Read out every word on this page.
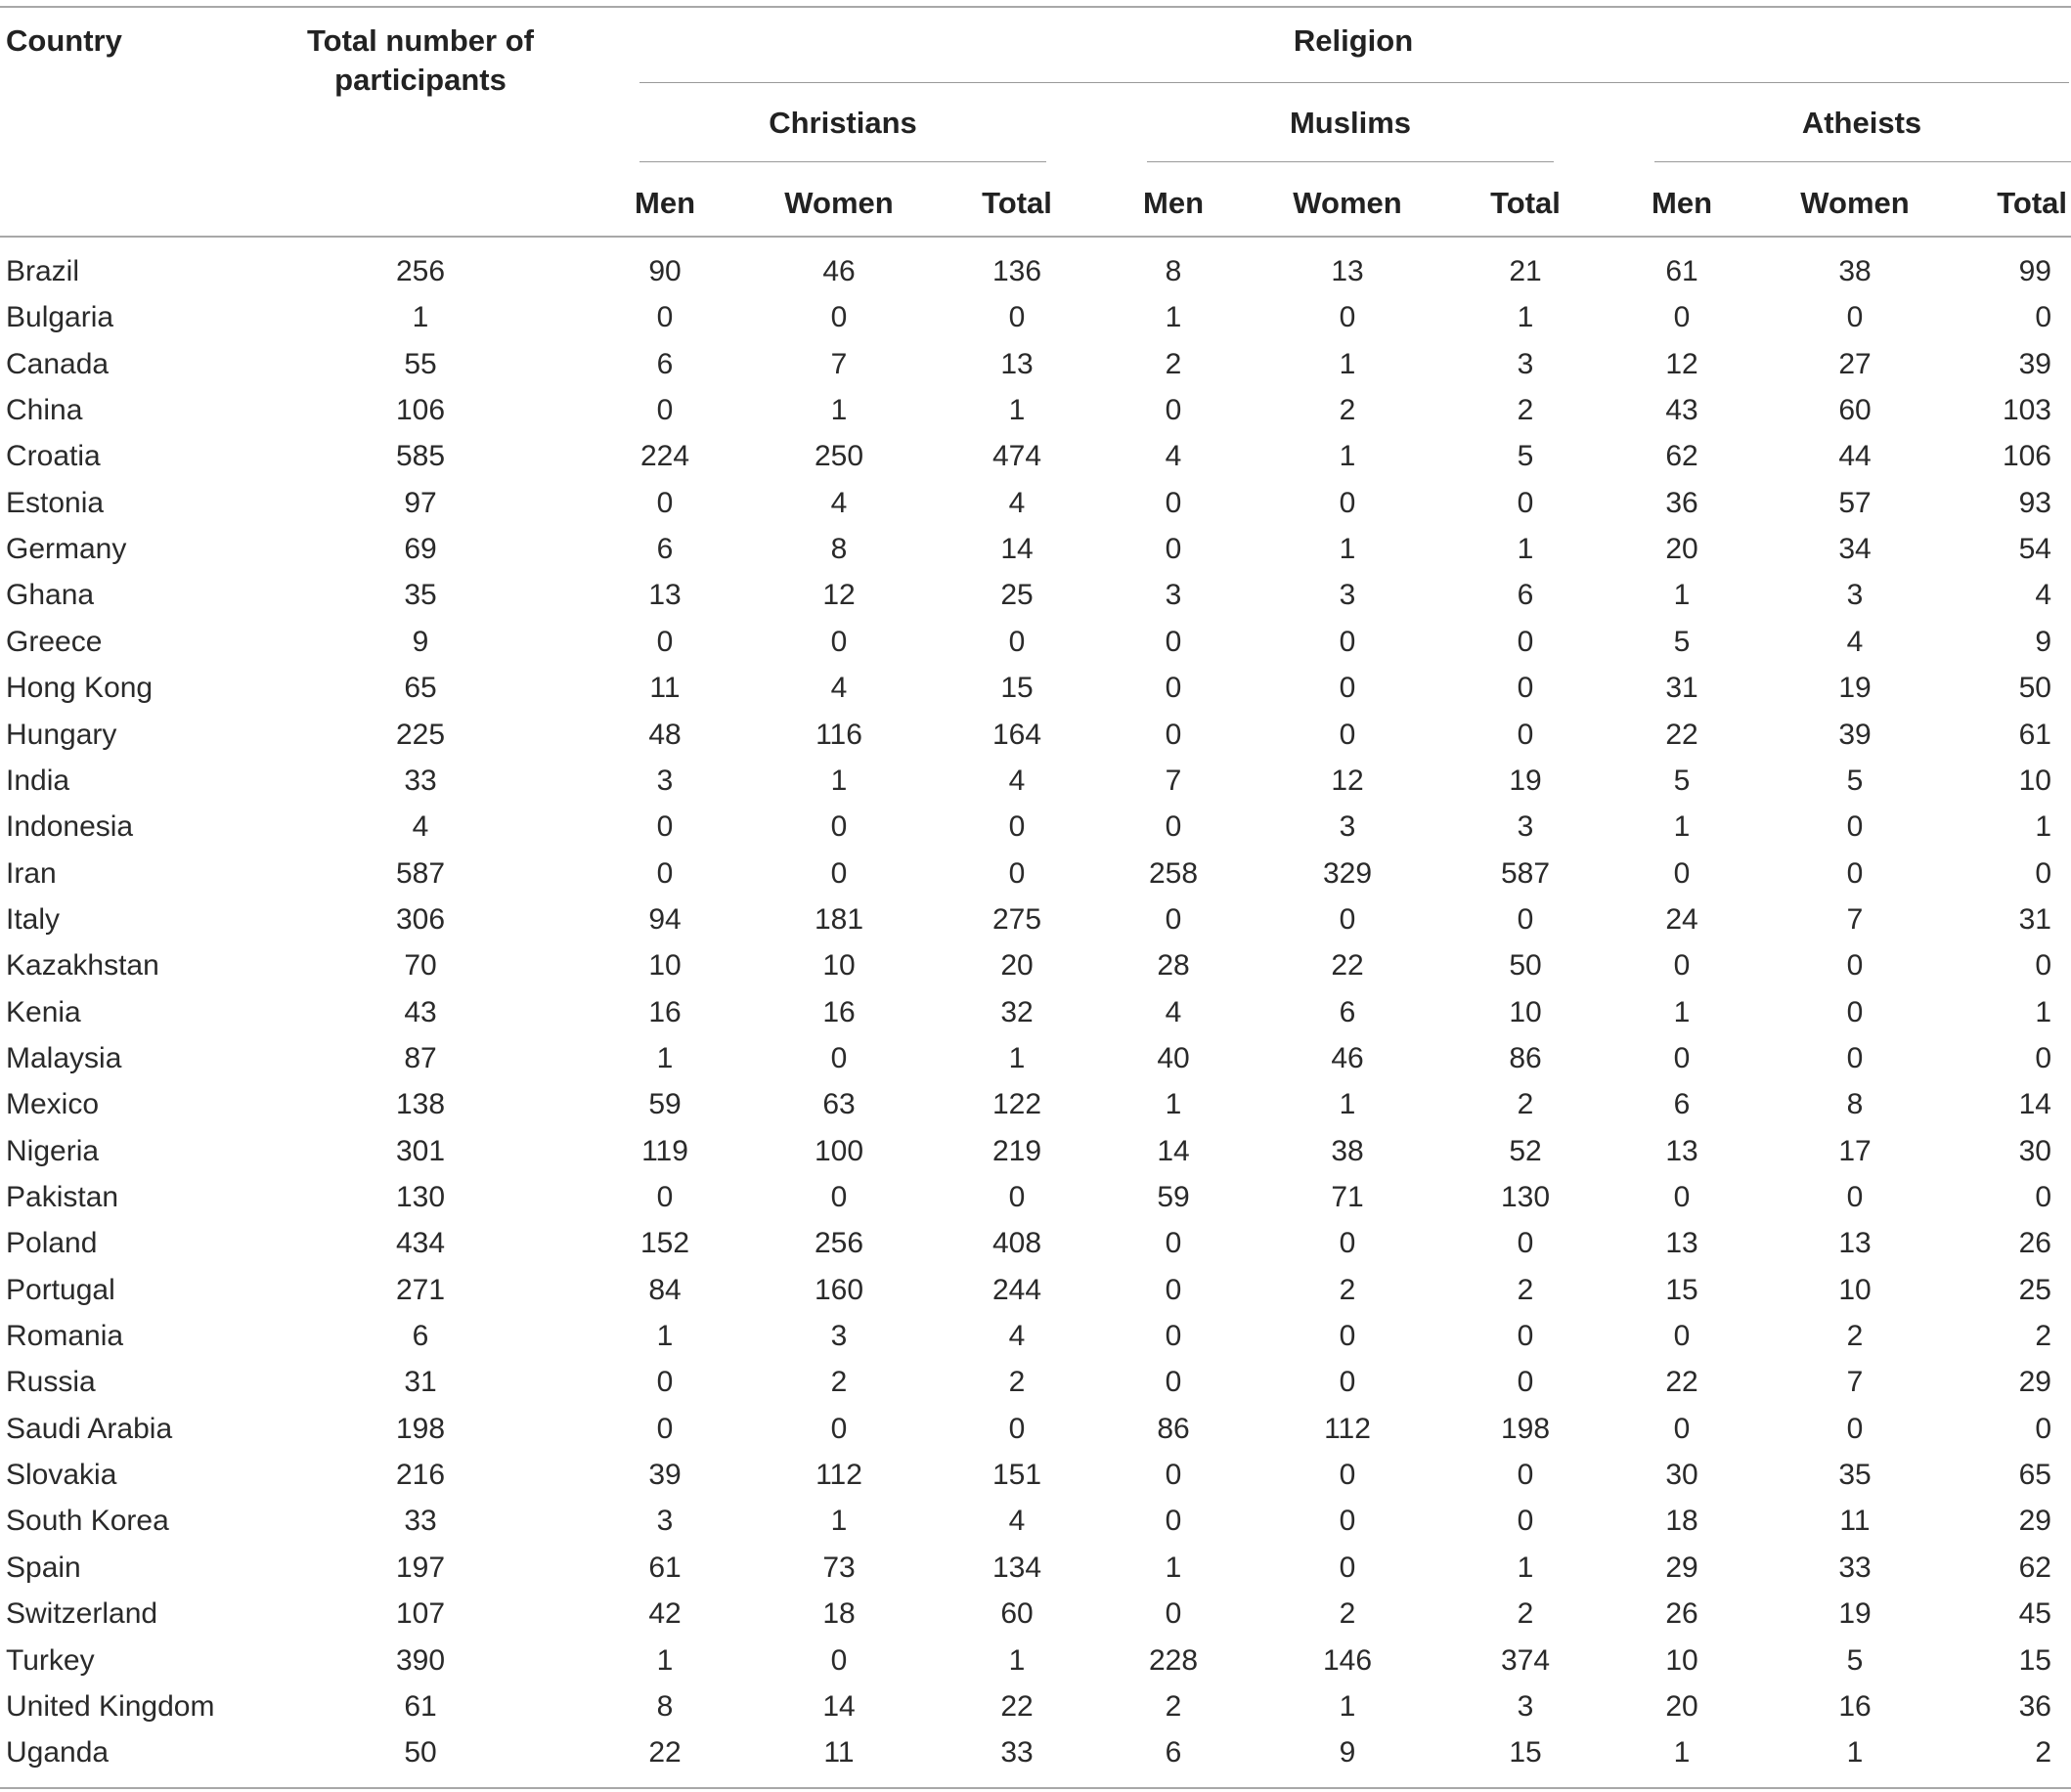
Country	Total number of
participants
Religion
Christians	Muslims	Atheists
Men	Women	Total	Men	Women	Total	Men	Women	Total
Brazil	256	90	46	136	8	13	21	61	38	99
Bulgaria	1	0	0	0	1	0	1	0	0	0
Canada	55	6	7	13	2	1	3	12	27	39
China	106	0	1	1	0	2	2	43	60	103
Croatia	585	224	250	474	4	1	5	62	44	106
Estonia	97	0	4	4	0	0	0	36	57	93
Germany	69	6	8	14	0	1	1	20	34	54
Ghana	35	13	12	25	3	3	6	1	3	4
Greece	9	0	0	0	0	0	0	5	4	9
Hong Kong	65	11	4	15	0	0	0	31	19	50
Hungary	225	48	116	164	0	0	0	22	39	61
India	33	3	1	4	7	12	19	5	5	10
Indonesia	4	0	0	0	0	3	3	1	0	1
Iran	587	0	0	0	258	329	587	0	0	0
Italy	306	94	181	275	0	0	0	24	7	31
Kazakhstan	70	10	10	20	28	22	50	0	0	0
Kenia	43	16	16	32	4	6	10	1	0	1
Malaysia	87	1	0	1	40	46	86	0	0	0
Mexico	138	59	63	122	1	1	2	6	8	14
Nigeria	301	119	100	219	14	38	52	13	17	30
Pakistan	130	0	0	0	59	71	130	0	0	0
Poland	434	152	256	408	0	0	0	13	13	26
Portugal	271	84	160	244	0	2	2	15	10	25
Romania	6	1	3	4	0	0	0	0	2	2
Russia	31	0	2	2	0	0	0	22	7	29
Saudi Arabia	198	0	0	0	86	112	198	0	0	0
Slovakia	216	39	112	151	0	0	0	30	35	65
South Korea	33	3	1	4	0	0	0	18	11	29
Spain	197	61	73	134	1	0	1	29	33	62
Switzerland	107	42	18	60	0	2	2	26	19	45
Turkey	390	1	0	1	228	146	374	10	5	15
United Kingdom	61	8	14	22	2	1	3	20	16	36
Uganda	50	22	11	33	6	9	15	1	1	2
